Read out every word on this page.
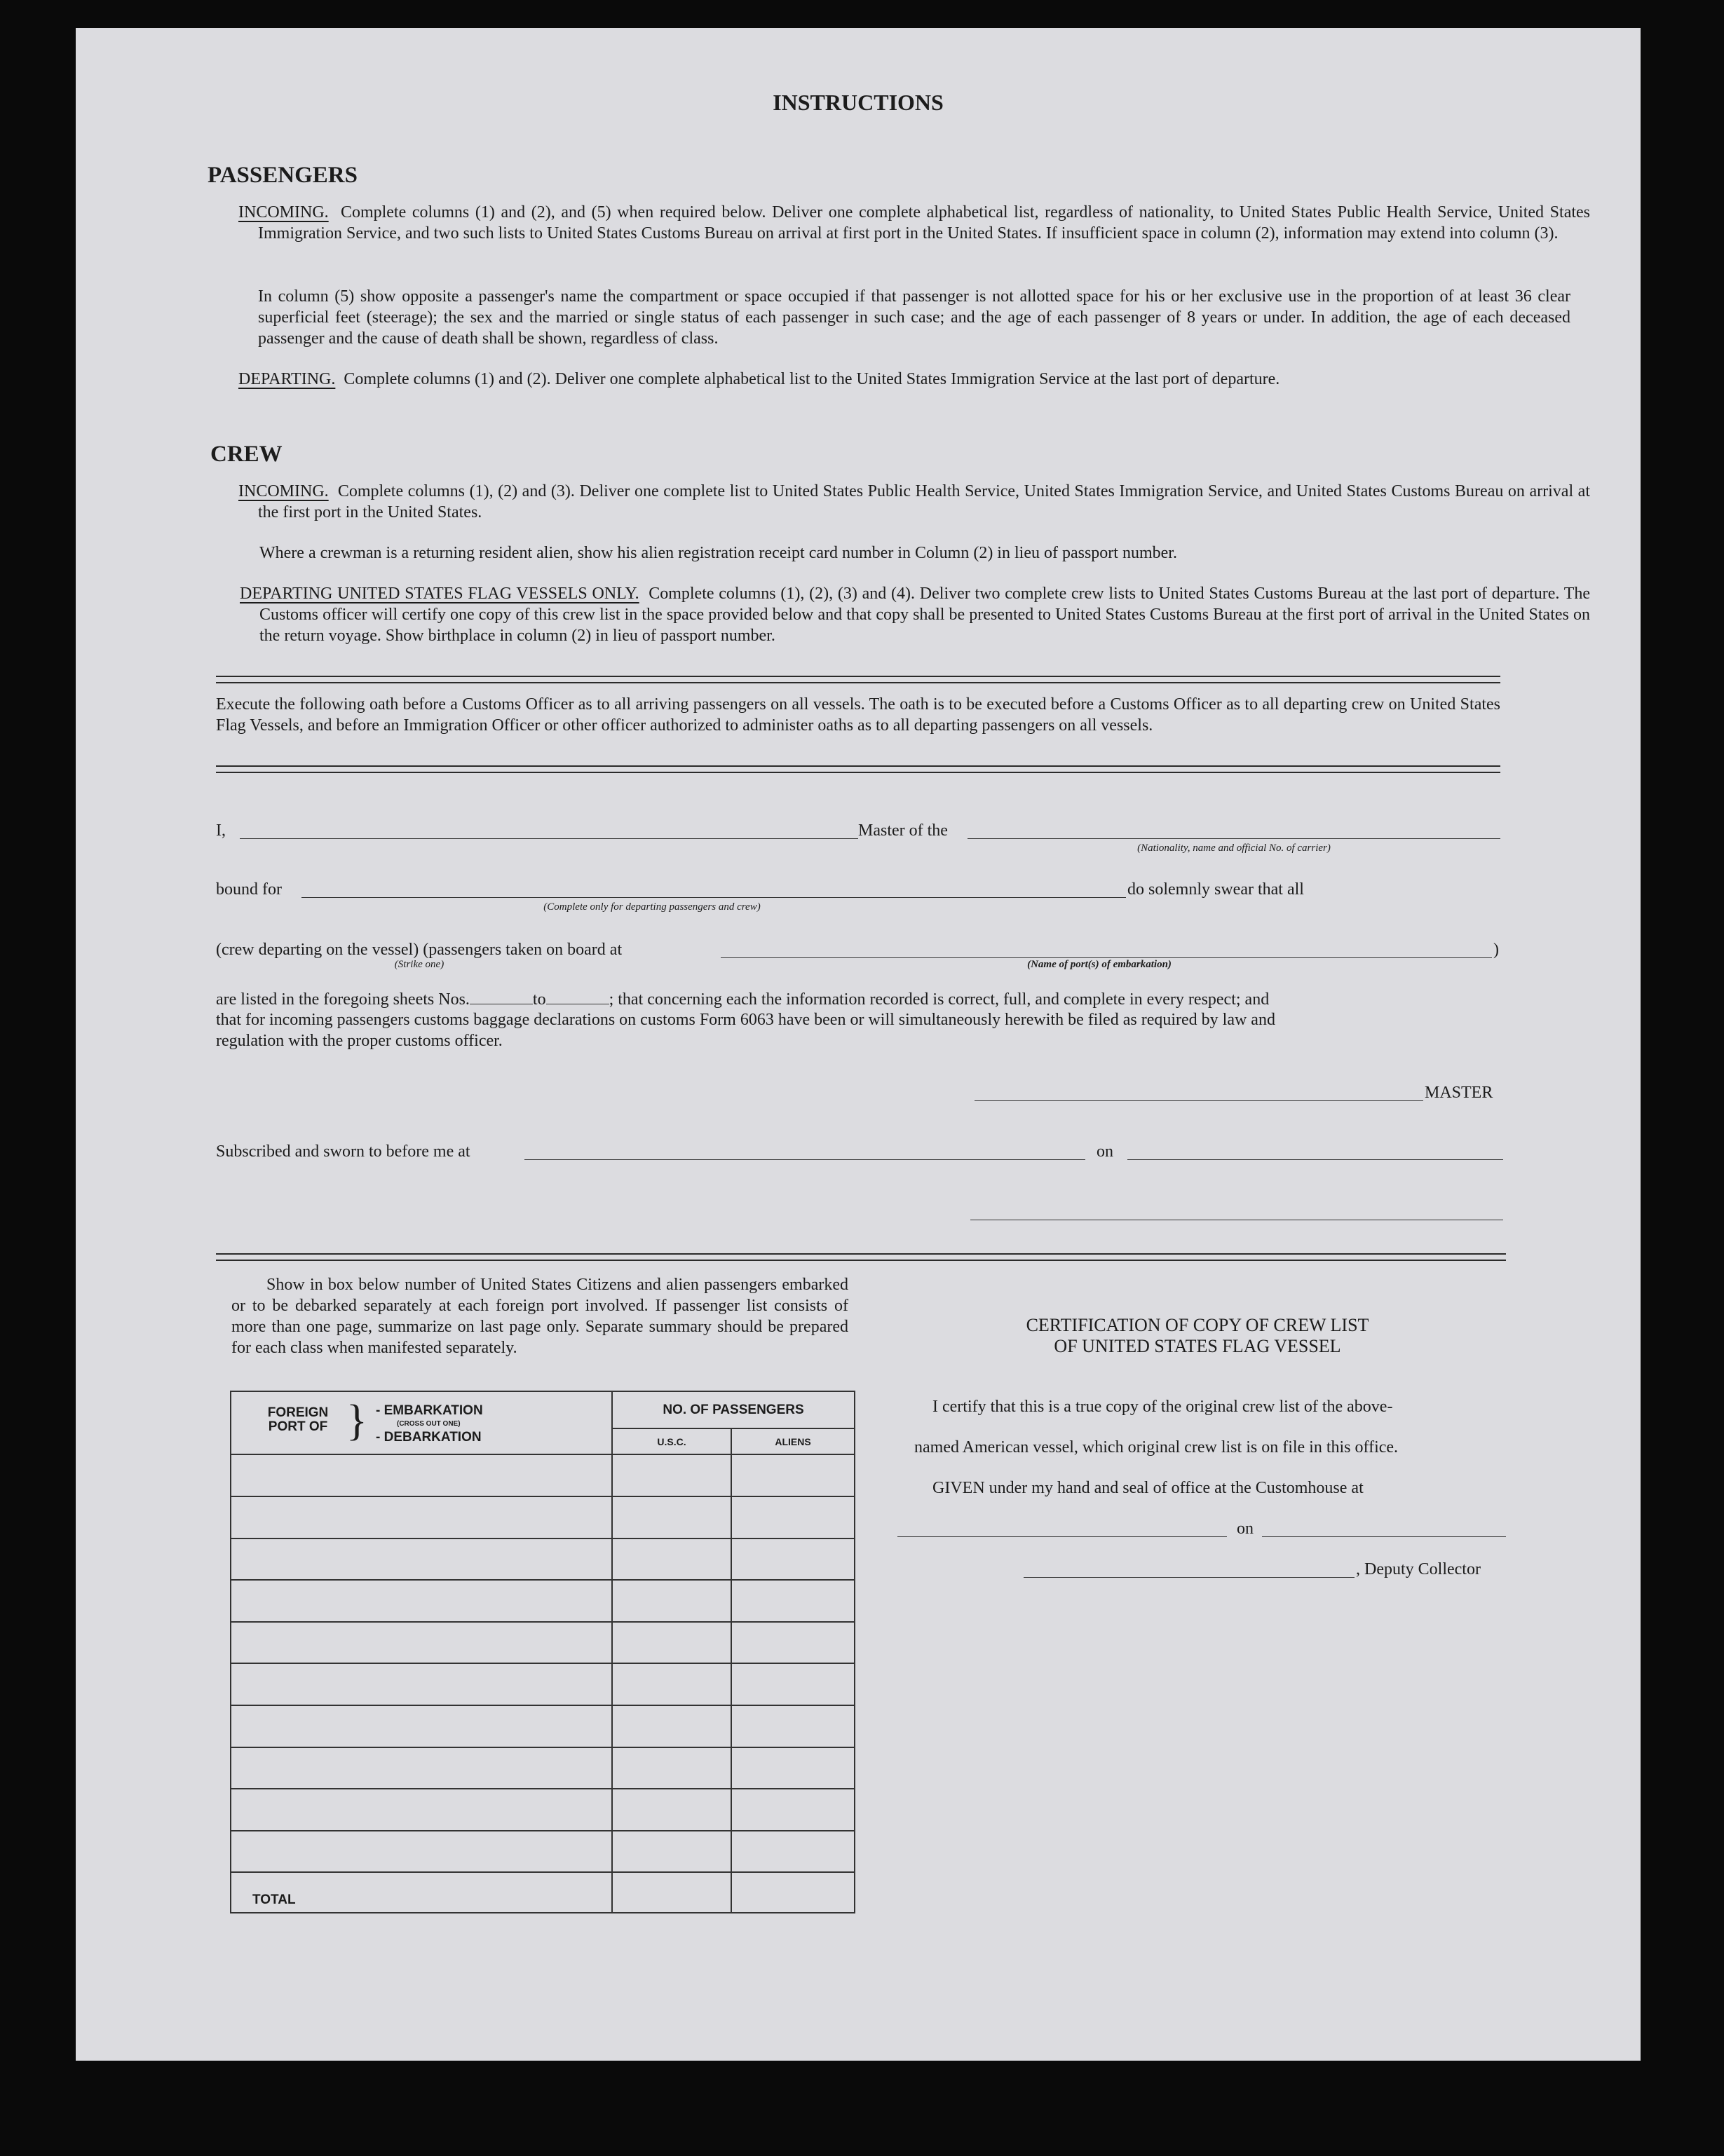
INSTRUCTIONS
PASSENGERS
INCOMING. Complete columns (1) and (2), and (5) when required below. Deliver one complete alphabetical list, regardless of nationality, to United States Public Health Service, United States Immigration Service, and two such lists to United States Customs Bureau on arrival at first port in the United States. If insufficient space in column (2), information may extend into column (3).
In column (5) show opposite a passenger's name the compartment or space occupied if that passenger is not allotted space for his or her exclusive use in the proportion of at least 36 clear superficial feet (steerage); the sex and the married or single status of each passenger in such case; and the age of each passenger of 8 years or under. In addition, the age of each deceased passenger and the cause of death shall be shown, regardless of class.
DEPARTING. Complete columns (1) and (2). Deliver one complete alphabetical list to the United States Immigration Service at the last port of departure.
CREW
INCOMING. Complete columns (1), (2) and (3). Deliver one complete list to United States Public Health Service, United States Immigration Service, and United States Customs Bureau on arrival at the first port in the United States.
Where a crewman is a returning resident alien, show his alien registration receipt card number in Column (2) in lieu of passport number.
DEPARTING UNITED STATES FLAG VESSELS ONLY. Complete columns (1), (2), (3) and (4). Deliver two complete crew lists to United States Customs Bureau at the last port of departure. The Customs officer will certify one copy of this crew list in the space provided below and that copy shall be presented to United States Customs Bureau at the first port of arrival in the United States on the return voyage. Show birthplace in column (2) in lieu of passport number.
Execute the following oath before a Customs Officer as to all arriving passengers on all vessels. The oath is to be executed before a Customs Officer as to all departing crew on United States Flag Vessels, and before an Immigration Officer or other officer authorized to administer oaths as to all departing passengers on all vessels.
I,	Master of the
(Nationality, name and official No. of carrier)
bound for
(Complete only for departing passengers and crew)
do solemnly swear that all
(crew departing on the vessel) (passengers taken on board at	)
(Strike one)	(Name of port(s) of embarkation)
are listed in the foregoing sheets Nos.	to	; that concerning each the information recorded is correct, full, and complete in every respect; and
that for incoming passengers customs baggage declarations on customs Form 6063 have been or will simultaneously herewith be filed as required by law and
regulation with the proper customs officer.
MASTER
Subscribed and sworn to before me at	on
Show in box below number of United States Citizens and alien passengers embarked or to be debarked separately at each foreign port involved. If passenger list consists of more than one page, summarize on last page only. Separate summary should be prepared for each class when manifested separately.
FOREIGN PORT OF } - EMBARKATION
(CROSS OUT ONE)
- DEBARKATION	NO. OF PASSENGERS	
	U.S.C.	ALIENS

TOTAL		
CERTIFICATION OF COPY OF CREW LIST
OF UNITED STATES FLAG VESSEL
I certify that this is a true copy of the original crew list of the above-
named American vessel, which original crew list is on file in this office.
GIVEN under my hand and seal of office at the Customhouse at
on
, Deputy Collector
